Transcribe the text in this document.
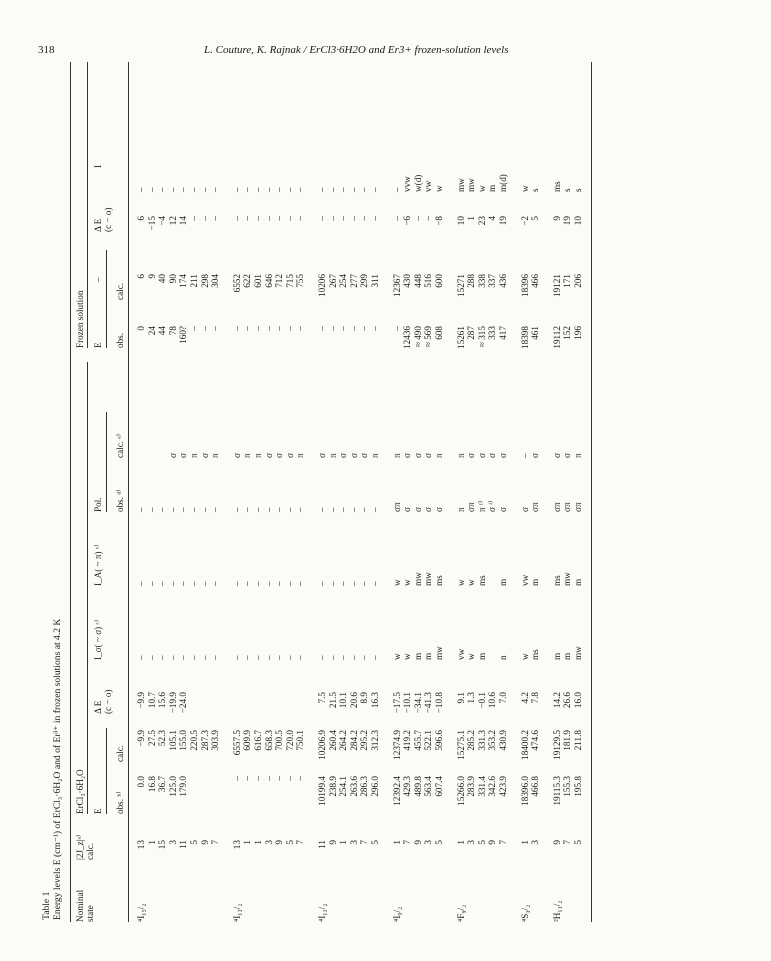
318	L. Couture, K. Rajnak / ErCl3·6H2O and Er3+ frozen-solution levels
Table 1 Energy levels E (cm⁻¹) of ErCl₃·6H₂O and of Er³⁺ in frozen solutions at 4.2 K Nominal state
|2J_z|ᵃ⁾ calc.
ErCl₃·6H₂O
Frozen solution
E
Δ E (c − o)
I_σ( ~ σ) ᶜ⁾
I_A( ~ π) ᶜ⁾
Pol.
E
–
Δ E (c − o)
I
obs. ᵇ⁾
calc.
obs. ᵈ⁾
calc. ᵉ⁾
obs.
calc.
⁴I₁₅/₂
13
0.0
−9.9
−9.9
–
–
–
0
6
6
–
1
16.8
27.5
10.7
–
–
–
24
9
−15
–
15
36.7
52.3
15.6
–
–
–
44
40
−4
–
3
125.0
105.1
−19.9
–
–
–
σ
78
90
12
–
11
179.0
155.0
−24.0
–
–
–
σ
160?
174
14
–
5
220.5
–
–
–
π
–
211
–
–
9
287.3
–
–
–
σ
–
298
–
–
7
303.9
–
–
–
π
–
304
–
–
⁴I₁₃/₂
13
–
6557.5
–
–
–
σ
–
6552
–
–
1
–
609.9
–
–
–
π
–
622
–
–
1
–
616.7
–
–
–
π
–
601
–
–
3
–
658.3
–
–
–
σ
–
646
–
–
9
–
700.5
–
–
–
σ
–
712
–
–
5
–
720.0
–
–
–
σ
–
715
–
–
7
–
750.1
–
–
–
π
–
755
–
–
⁴I₁₁/₂
11
10199.4
10206.9
7.5
–
–
–
σ
–
10206
–
–
9
238.9
260.4
21.5
–
–
–
π
–
267
–
–
1
254.1
264.2
10.1
–
–
–
σ
–
254
–
–
3
263.6
284.2
20.6
–
–
–
σ
–
277
–
–
7
286.3
295.2
8.9
–
–
–
σ
–
299
–
–
5
296.0
312.3
16.3
–
–
–
π
–
311
–
–
⁴I₉/₂
1
12392.4
12374.9
−17.5
w
w
σπ
π
–
12367
–
–
7
429.3
419.2
−10.1
w
w
σ
σ
12436
430
−6
vvw
9
489.8
455.7
−34.1
m
mw
σ
σ
≈ 490
448
–
w(d)
3
563.4
522.1
−41.3
m
mw
σ
σ
≈ 569
516
–
vw
5
607.4
596.6
−10.8
mw
ms
σ
π
608
600
−8
w
⁴F₉/₂
1
15266.0
15275.1
9.1
vw
w
π
π
15261
15271
10
mw
3
283.9
285.2
1.3
w
w
σπ
σ
287
288
1
mw
5
331.4
331.3
−0.1
m
ms
π ᶠ⁾
σ
≈ 315
338
23
w
9
342.6
353.2
10.6
σ ᶠ⁾
σ
333
337
4
m
7
423.9
430.9
7.0
n
m
σ
σ
417
436
19
m(d)
⁴S₃/₂
1
18396.0
18400.2
4.2
w
vw
σ
–
18398
18396
−2
w
3
466.8
474.6
7.8
ms
m
σπ
σ
461
466
5
s
²H₁₁/₂
9
19115.3
19129.5
14.2
m
ms
σπ
σ
19112
19121
9
ms
7
155.3
181.9
26.6
m
mw
σπ
σ
152
171
19
s
5
195.8
211.8
16.0
mw
m
σπ
π
196
206
10
s
